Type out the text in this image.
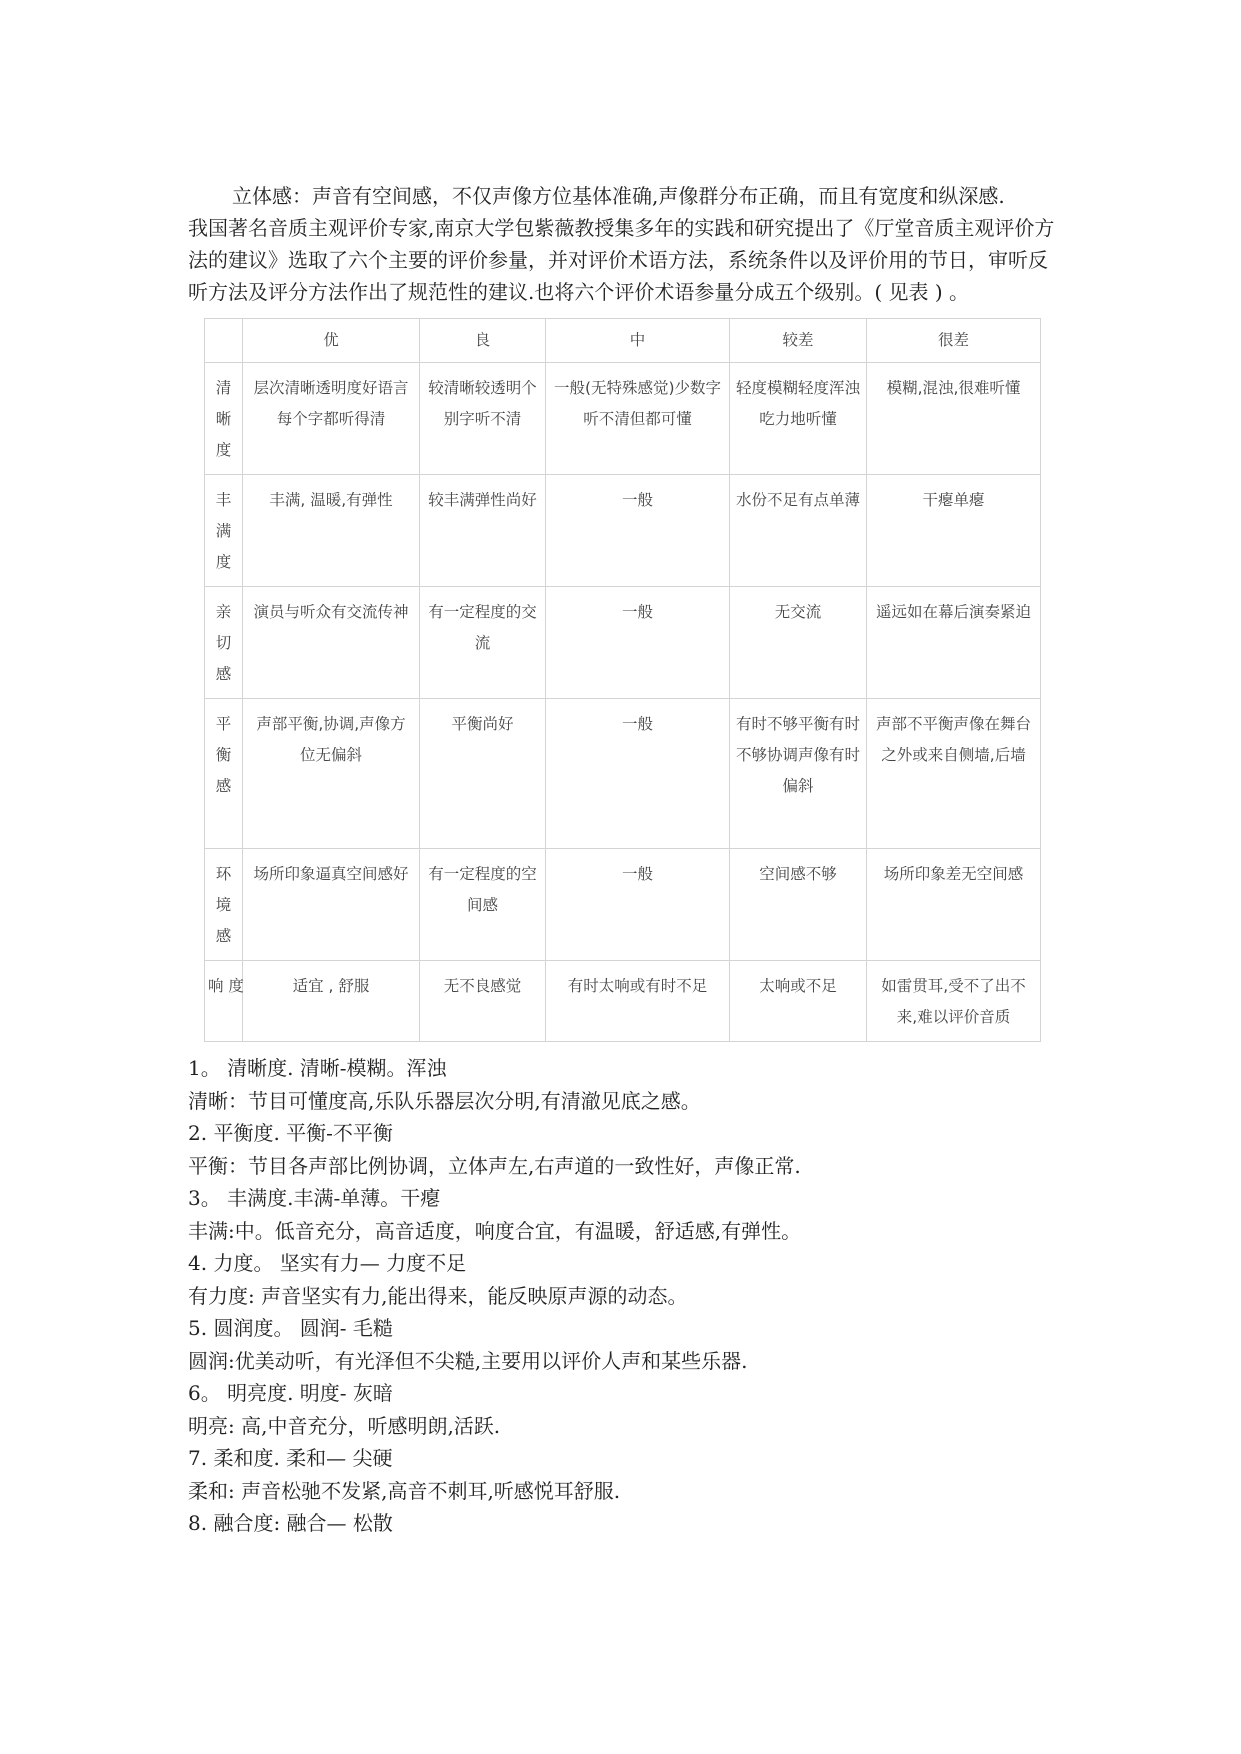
立体感：声音有空间感，不仅声像方位基体准确,声像群分布正确，而且有宽度和纵深感.

我国著名音质主观评价专家,南京大学包紫薇教授集多年的实践和研究提出了《厅堂音质主观评价方法的建议》选取了六个主要的评价参量，并对评价术语方法，系统条件以及评价用的节日，审听反听方法及评分方法作出了规范性的建议.也将六个评价术语参量分成五个级别。( 见表 ) 。

	优	良	中	较差	很差
清晰度	层次清晰透明度好语言每个字都听得清	较清晰较透明个别字听不清	一般(无特殊感觉)少数字听不清但都可懂	轻度模糊轻度浑浊吃力地听懂	模糊,混浊,很难听懂
丰满度	丰满, 温暖,有弹性	较丰满弹性尚好	一般	水份不足有点单薄	干瘪单瘪
亲切感	演员与听众有交流传神	有一定程度的交流	一般	无交流	遥远如在幕后演奏紧迫
平衡感	声部平衡,协调,声像方位无偏斜	平衡尚好	一般	有时不够平衡有时不够协调声像有时偏斜	声部不平衡声像在舞台之外或来自侧墙,后墙
环境感	场所印象逼真空间感好	有一定程度的空间感	一般	空间感不够	场所印象差无空间感
响 度	适宜 , 舒服	无不良感觉	有时太响或有时不足	太响或不足	如雷贯耳,受不了出不来,难以评价音质

1。 清晰度. 清晰-模糊。浑浊

清晰：节目可懂度高,乐队乐器层次分明,有清澈见底之感。

2. 平衡度. 平衡-不平衡

平衡：节目各声部比例协调，立体声左,右声道的一致性好，声像正常.

3。 丰满度.丰满-单薄。干瘪

丰满:中。低音充分，高音适度，响度合宜，有温暖，舒适感,有弹性。

4. 力度。 坚实有力— 力度不足

有力度: 声音坚实有力,能出得来，能反映原声源的动态。

5. 圆润度。 圆润- 毛糙

圆润:优美动听，有光泽但不尖糙,主要用以评价人声和某些乐器.

6。 明亮度. 明度- 灰暗

明亮: 高,中音充分，听感明朗,活跃.

7. 柔和度. 柔和— 尖硬

柔和: 声音松驰不发紧,高音不刺耳,听感悦耳舒服.

8. 融合度: 融合— 松散
